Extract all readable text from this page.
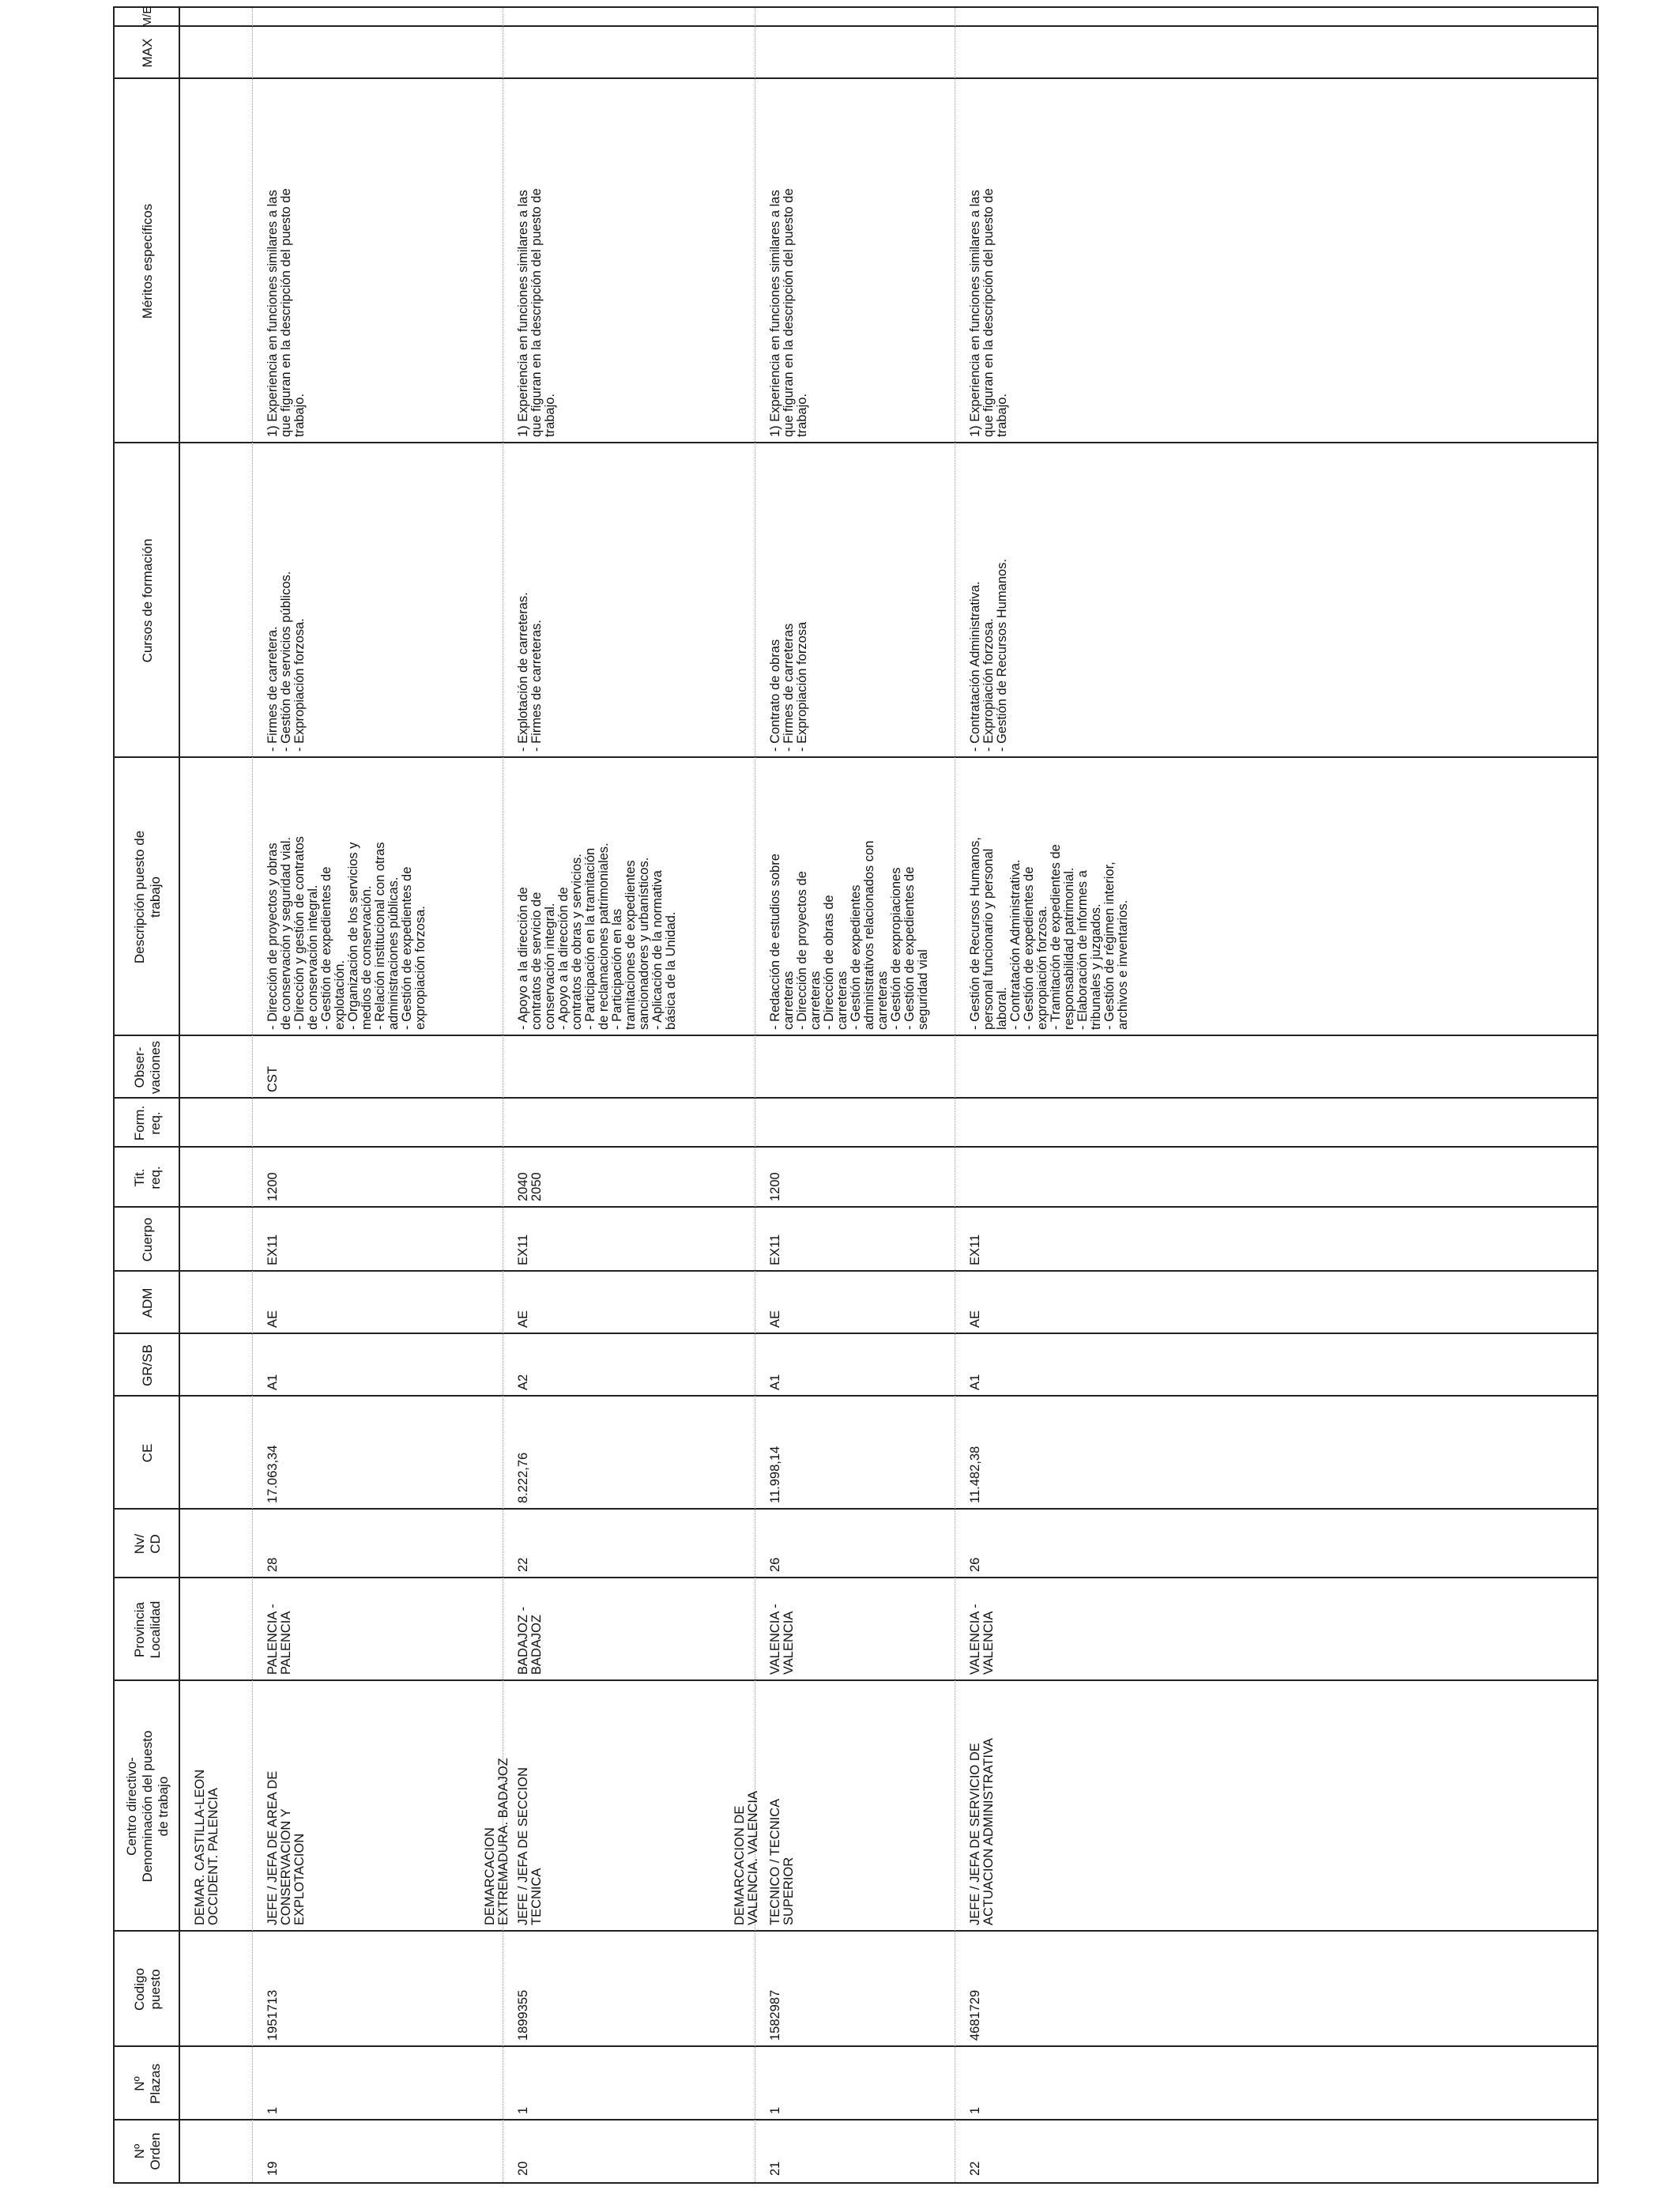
Nº
Orden
Nº
Plazas
Codigo
puesto
Centro directivo-
Denominación del puesto
de trabajo
Provincia
Localidad
Nv/
CD
CE
GR/SB
ADM
Cuerpo
Tit.
req.
Form.
req.
Obser-
vaciones
Descripción puesto de
trabajo
Cursos de formación
Méritos específicos
MAX
M/E
DEMAR. CASTILLA-LEON
OCCIDENT. PALENCIA
19
1
1951713
JEFE / JEFA DE AREA DE
CONSERVACION Y
EXPLOTACION
PALENCIA -
PALENCIA
28
17.063,34
A1
AE
EX11
1200
CST
- Dirección de proyectos y obras
de conservación y seguridad vial.
- Dirección y gestión de contratos
de conservación integral.
- Gestión de expedientes de
explotación.
- Organización de los servicios y
medios de conservación.
- Relación institucional con otras
administraciones públicas.
- Gestión de expedientes de
expropiación forzosa.
- Firmes de carretera.
- Gestión de servicios públicos.
- Expropiación forzosa.
1) Experiencia en funciones similares a las
que figuran en la descripción del puesto de
trabajo.
DEMARCACION
EXTREMADURA. BADAJOZ
20
1
1899355
JEFE / JEFA DE SECCION
TECNICA
BADAJOZ -
BADAJOZ
22
8.222,76
A2
AE
EX11
2040
2050
- Apoyo a la dirección de
contratos de servicio de
conservación integral.
- Apoyo a la dirección de
contratos de obras y servicios.
- Participación en la tramitación
de reclamaciones patrimoniales.
- Participación en las
tramitaciones de expedientes
sancionadores y urbanísticos.
- Aplicación de la normativa
básica de la Unidad.
- Explotación de carreteras.
- Firmes de carreteras.
1) Experiencia en funciones similares a las
que figuran en la descripción del puesto de
trabajo.
DEMARCACION DE
VALENCIA. VALENCIA
21
1
1582987
TECNICO / TECNICA
SUPERIOR
VALENCIA -
VALENCIA
26
11.998,14
A1
AE
EX11
1200
- Redacción de estudios sobre
carreteras
- Dirección de proyectos de
carreteras
- Dirección de obras de
carreteras
- Gestión de expedientes
administrativos relacionados con
carreteras
- Gestión de expropiaciones
- Gestión de expedientes de
seguridad vial
- Contrato de obras
- Firmes de carreteras
- Expropiación forzosa
1) Experiencia en funciones similares a las
que figuran en la descripción del puesto de
trabajo.
22
1
4681729
JEFE / JEFA DE SERVICIO DE
ACTUACION ADMINISTRATIVA
VALENCIA -
VALENCIA
26
11.482,38
A1
AE
EX11
- Gestión de Recursos Humanos,
personal funcionario y personal
laboral.
- Contratación Administrativa.
- Gestión de expedientes de
expropiación forzosa.
- Tramitación de expedientes de
responsabilidad patrimonial.
- Elaboración de informes a
tribunales y juzgados.
- Gestión de régimen interior,
archivos e inventarios.
- Contratación Administrativa.
- Expropiación forzosa.
- Gestión de Recursos Humanos.
1) Experiencia en funciones similares a las
que figuran en la descripción del puesto de
trabajo.
